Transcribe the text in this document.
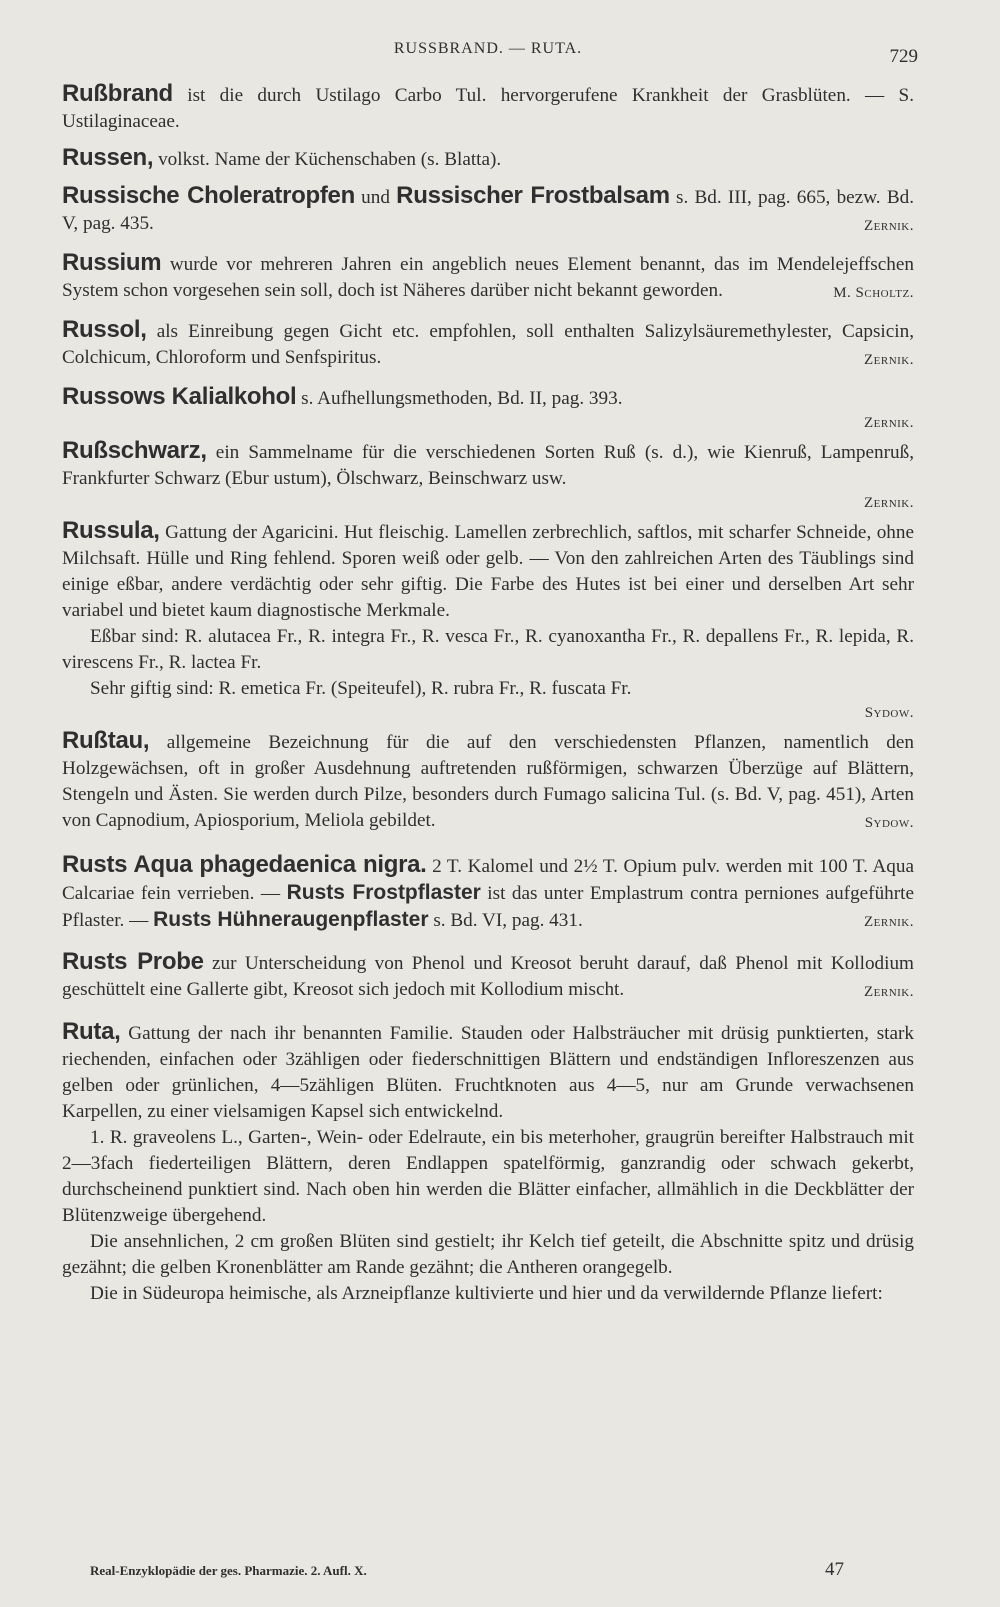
RUSSBRAND. — RUTA.	729

Rußbrand ist die durch Ustilago Carbo Tul. hervorgerufene Krankheit der Grasblüten. — S. Ustilaginaceae.

Russen, volkst. Name der Küchenschaben (s. Blatta).

Russische Choleratropfen und Russischer Frostbalsam s. Bd. III, pag. 665, bezw. Bd. V, pag. 435.	Zernik.

Russium wurde vor mehreren Jahren ein angeblich neues Element benannt, das im Mendelejeffschen System schon vorgesehen sein soll, doch ist Näheres darüber nicht bekannt geworden.	M. Scholtz.

Russol, als Einreibung gegen Gicht etc. empfohlen, soll enthalten Salizylsäuremethylester, Capsicin, Colchicum, Chloroform und Senfspiritus.	Zernik.

Russows Kalialkohol s. Aufhellungsmethoden, Bd. II, pag. 393.

Zernik.

Rußschwarz, ein Sammelname für die verschiedenen Sorten Ruß (s. d.), wie Kienruß, Lampenruß, Frankfurter Schwarz (Ebur ustum), Ölschwarz, Beinschwarz usw.

Zernik.

Russula, Gattung der Agaricini. Hut fleischig. Lamellen zerbrechlich, saftlos, mit scharfer Schneide, ohne Milchsaft. Hülle und Ring fehlend. Sporen weiß oder gelb. — Von den zahlreichen Arten des Täublings sind einige eßbar, andere verdächtig oder sehr giftig. Die Farbe des Hutes ist bei einer und derselben Art sehr variabel und bietet kaum diagnostische Merkmale.

Eßbar sind: R. alutacea Fr., R. integra Fr., R. vesca Fr., R. cyanoxantha Fr., R. depallens Fr., R. lepida, R. virescens Fr., R. lactea Fr.

Sehr giftig sind: R. emetica Fr. (Speiteufel), R. rubra Fr., R. fuscata Fr.

Sydow.

Rußtau, allgemeine Bezeichnung für die auf den verschiedensten Pflanzen, namentlich den Holzgewächsen, oft in großer Ausdehnung auftretenden rußförmigen, schwarzen Überzüge auf Blättern, Stengeln und Ästen. Sie werden durch Pilze, besonders durch Fumago salicina Tul. (s. Bd. V, pag. 451), Arten von Capnodium, Apiosporium, Meliola gebildet.	Sydow.

Rusts Aqua phagedaenica nigra. 2 T. Kalomel und 2½ T. Opium pulv. werden mit 100 T. Aqua Calcariae fein verrieben. — Rusts Frostpflaster ist das unter Emplastrum contra perniones aufgeführte Pflaster. — Rusts Hühneraugenpflaster s. Bd. VI, pag. 431.	Zernik.

Rusts Probe zur Unterscheidung von Phenol und Kreosot beruht darauf, daß Phenol mit Kollodium geschüttelt eine Gallerte gibt, Kreosot sich jedoch mit Kollodium mischt.	Zernik.

Ruta, Gattung der nach ihr benannten Familie. Stauden oder Halbsträucher mit drüsig punktierten, stark riechenden, einfachen oder 3zähligen oder fiederschnittigen Blättern und endständigen Infloreszenzen aus gelben oder grünlichen, 4—5zähligen Blüten. Fruchtknoten aus 4—5, nur am Grunde verwachsenen Karpellen, zu einer vielsamigen Kapsel sich entwickelnd.

1. R. graveolens L., Garten-, Wein- oder Edelraute, ein bis meterhoher, graugrün bereifter Halbstrauch mit 2—3fach fiederteiligen Blättern, deren Endlappen spatelförmig, ganzrandig oder schwach gekerbt, durchscheinend punktiert sind. Nach oben hin werden die Blätter einfacher, allmählich in die Deckblätter der Blütenzweige übergehend.

Die ansehnlichen, 2 cm großen Blüten sind gestielt; ihr Kelch tief geteilt, die Abschnitte spitz und drüsig gezähnt; die gelben Kronenblätter am Rande gezähnt; die Antheren orangegelb.

Die in Südeuropa heimische, als Arzneipflanze kultivierte und hier und da verwildernde Pflanze liefert:

Real-Enzyklopädie der ges. Pharmazie. 2. Aufl. X.	47
